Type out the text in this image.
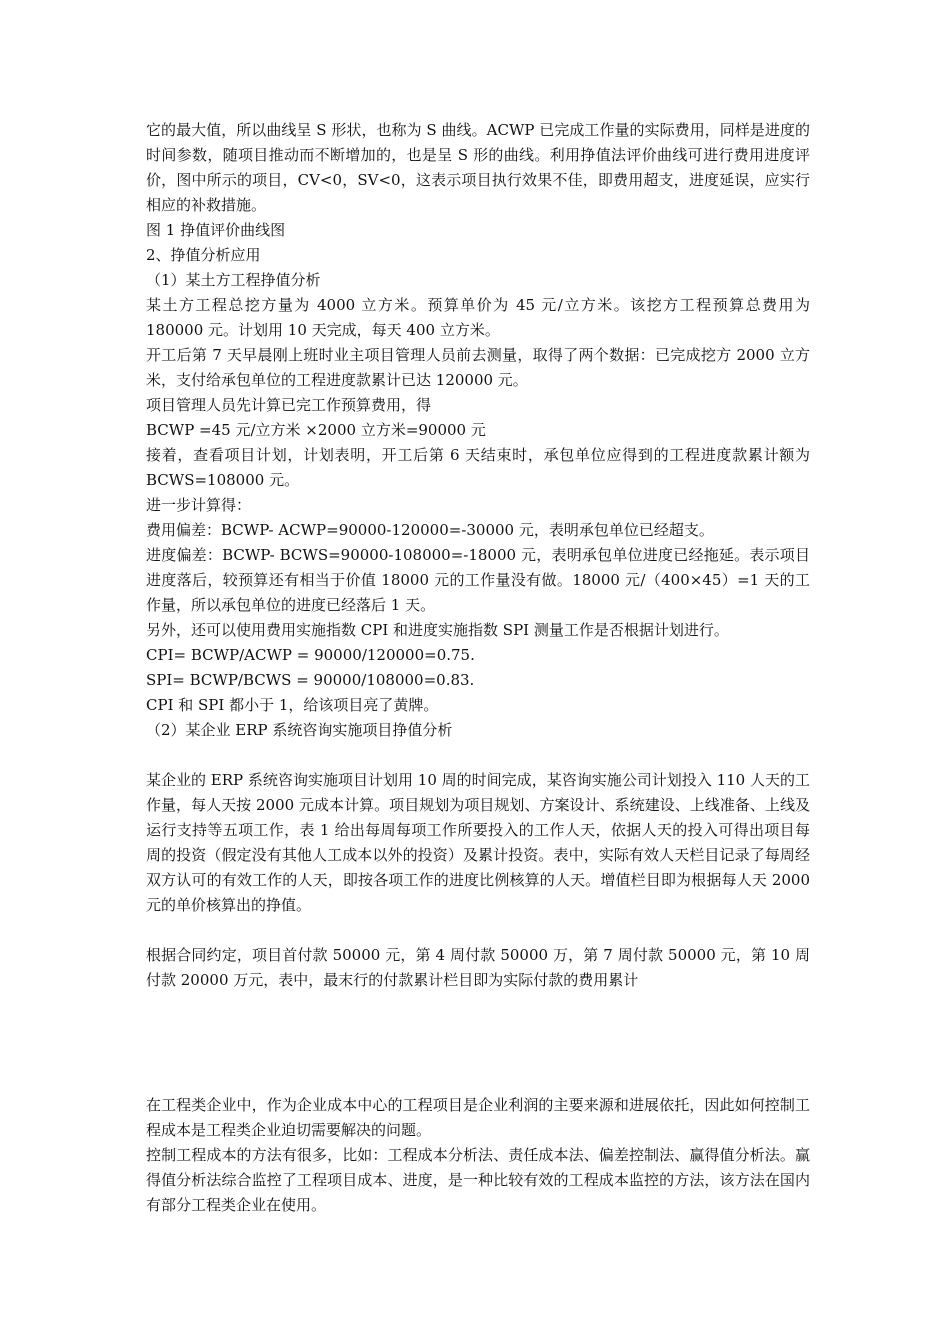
它的最大值，所以曲线呈 S 形状，也称为 S 曲线。ACWP 已完成工作量的实际费用，同样是进度的时间参数，随项目推动而不断增加的，也是呈 S 形的曲线。利用挣值法评价曲线可进行费用进度评价，图中所示的项目，CV<0，SV<0，这表示项目执行效果不佳，即费用超支，进度延误，应实行相应的补救措施。

图 1 挣值评价曲线图

2、挣值分析应用

（1）某土方工程挣值分析

某土方工程总挖方量为 4000 立方米。预算单价为 45 元/立方米。该挖方工程预算总费用为 180000 元。计划用 10 天完成，每天 400 立方米。

开工后第 7 天早晨刚上班时业主项目管理人员前去测量，取得了两个数据：已完成挖方 2000 立方米，支付给承包单位的工程进度款累计已达 120000 元。

项目管理人员先计算已完工作预算费用，得

BCWP =45 元/立方米 ×2000 立方米=90000 元

接着，查看项目计划，计划表明，开工后第 6 天结束时，承包单位应得到的工程进度款累计额为 BCWS=108000 元。

进一步计算得：

费用偏差：BCWP- ACWP=90000-120000=-30000 元，表明承包单位已经超支。

进度偏差：BCWP- BCWS=90000-108000=-18000 元，表明承包单位进度已经拖延。表示项目进度落后，较预算还有相当于价值 18000 元的工作量没有做。18000 元/（400×45）=1 天的工作量，所以承包单位的进度已经落后 1 天。

另外，还可以使用费用实施指数 CPI 和进度实施指数 SPI 测量工作是否根据计划进行。

CPI= BCWP/ACWP = 90000/120000=0.75.

SPI= BCWP/BCWS = 90000/108000=0.83.

CPI 和 SPI 都小于 1，给该项目亮了黄牌。

（2）某企业 ERP 系统咨询实施项目挣值分析

某企业的 ERP 系统咨询实施项目计划用 10 周的时间完成，某咨询实施公司计划投入 110 人天的工作量，每人天按 2000 元成本计算。项目规划为项目规划、方案设计、系统建设、上线准备、上线及运行支持等五项工作，表 1 给出每周每项工作所要投入的工作人天，依据人天的投入可得出项目每周的投资（假定没有其他人工成本以外的投资）及累计投资。表中，实际有效人天栏目记录了每周经双方认可的有效工作的人天，即按各项工作的进度比例核算的人天。增值栏目即为根据每人天 2000 元的单价核算出的挣值。

根据合同约定，项目首付款 50000 元，第 4 周付款 50000 万，第 7 周付款 50000 元，第 10 周付款 20000 万元，表中，最末行的付款累计栏目即为实际付款的费用累计

在工程类企业中，作为企业成本中心的工程项目是企业利润的主要来源和进展依托，因此如何控制工程成本是工程类企业迫切需要解决的问题。

控制工程成本的方法有很多，比如：工程成本分析法、责任成本法、偏差控制法、赢得值分析法。赢得值分析法综合监控了工程项目成本、进度，是一种比较有效的工程成本监控的方法，该方法在国内有部分工程类企业在使用。
